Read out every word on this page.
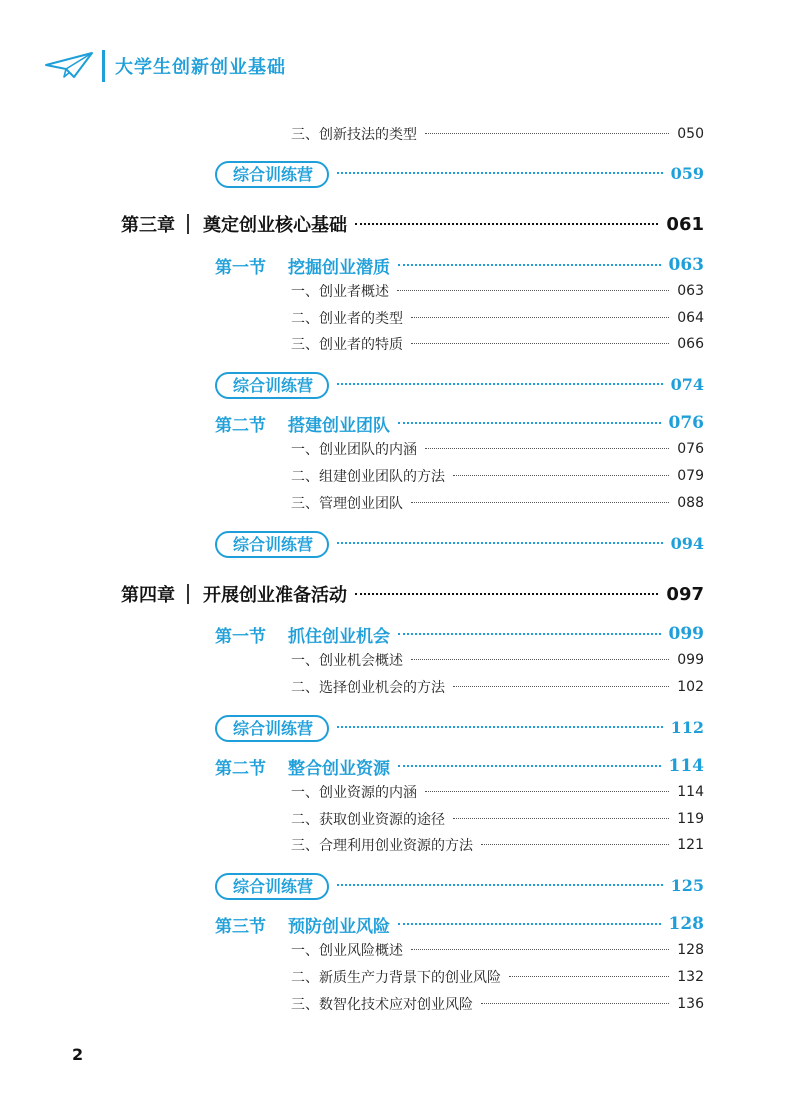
大学生创新创业基础
三、创新技法的类型	050
综合训练营	059
第三章 奠定创业核心基础	061
第一节 挖掘创业潜质	063
一、创业者概述	063
二、创业者的类型	064
三、创业者的特质	066
综合训练营	074
第二节 搭建创业团队	076
一、创业团队的内涵	076
二、组建创业团队的方法	079
三、管理创业团队	088
综合训练营	094
第四章 开展创业准备活动	097
第一节 抓住创业机会	099
一、创业机会概述	099
二、选择创业机会的方法	102
综合训练营	112
第二节 整合创业资源	114
一、创业资源的内涵	114
二、获取创业资源的途径	119
三、合理利用创业资源的方法	121
综合训练营	125
第三节 预防创业风险	128
一、创业风险概述	128
二、新质生产力背景下的创业风险	132
三、数智化技术应对创业风险	136
2
